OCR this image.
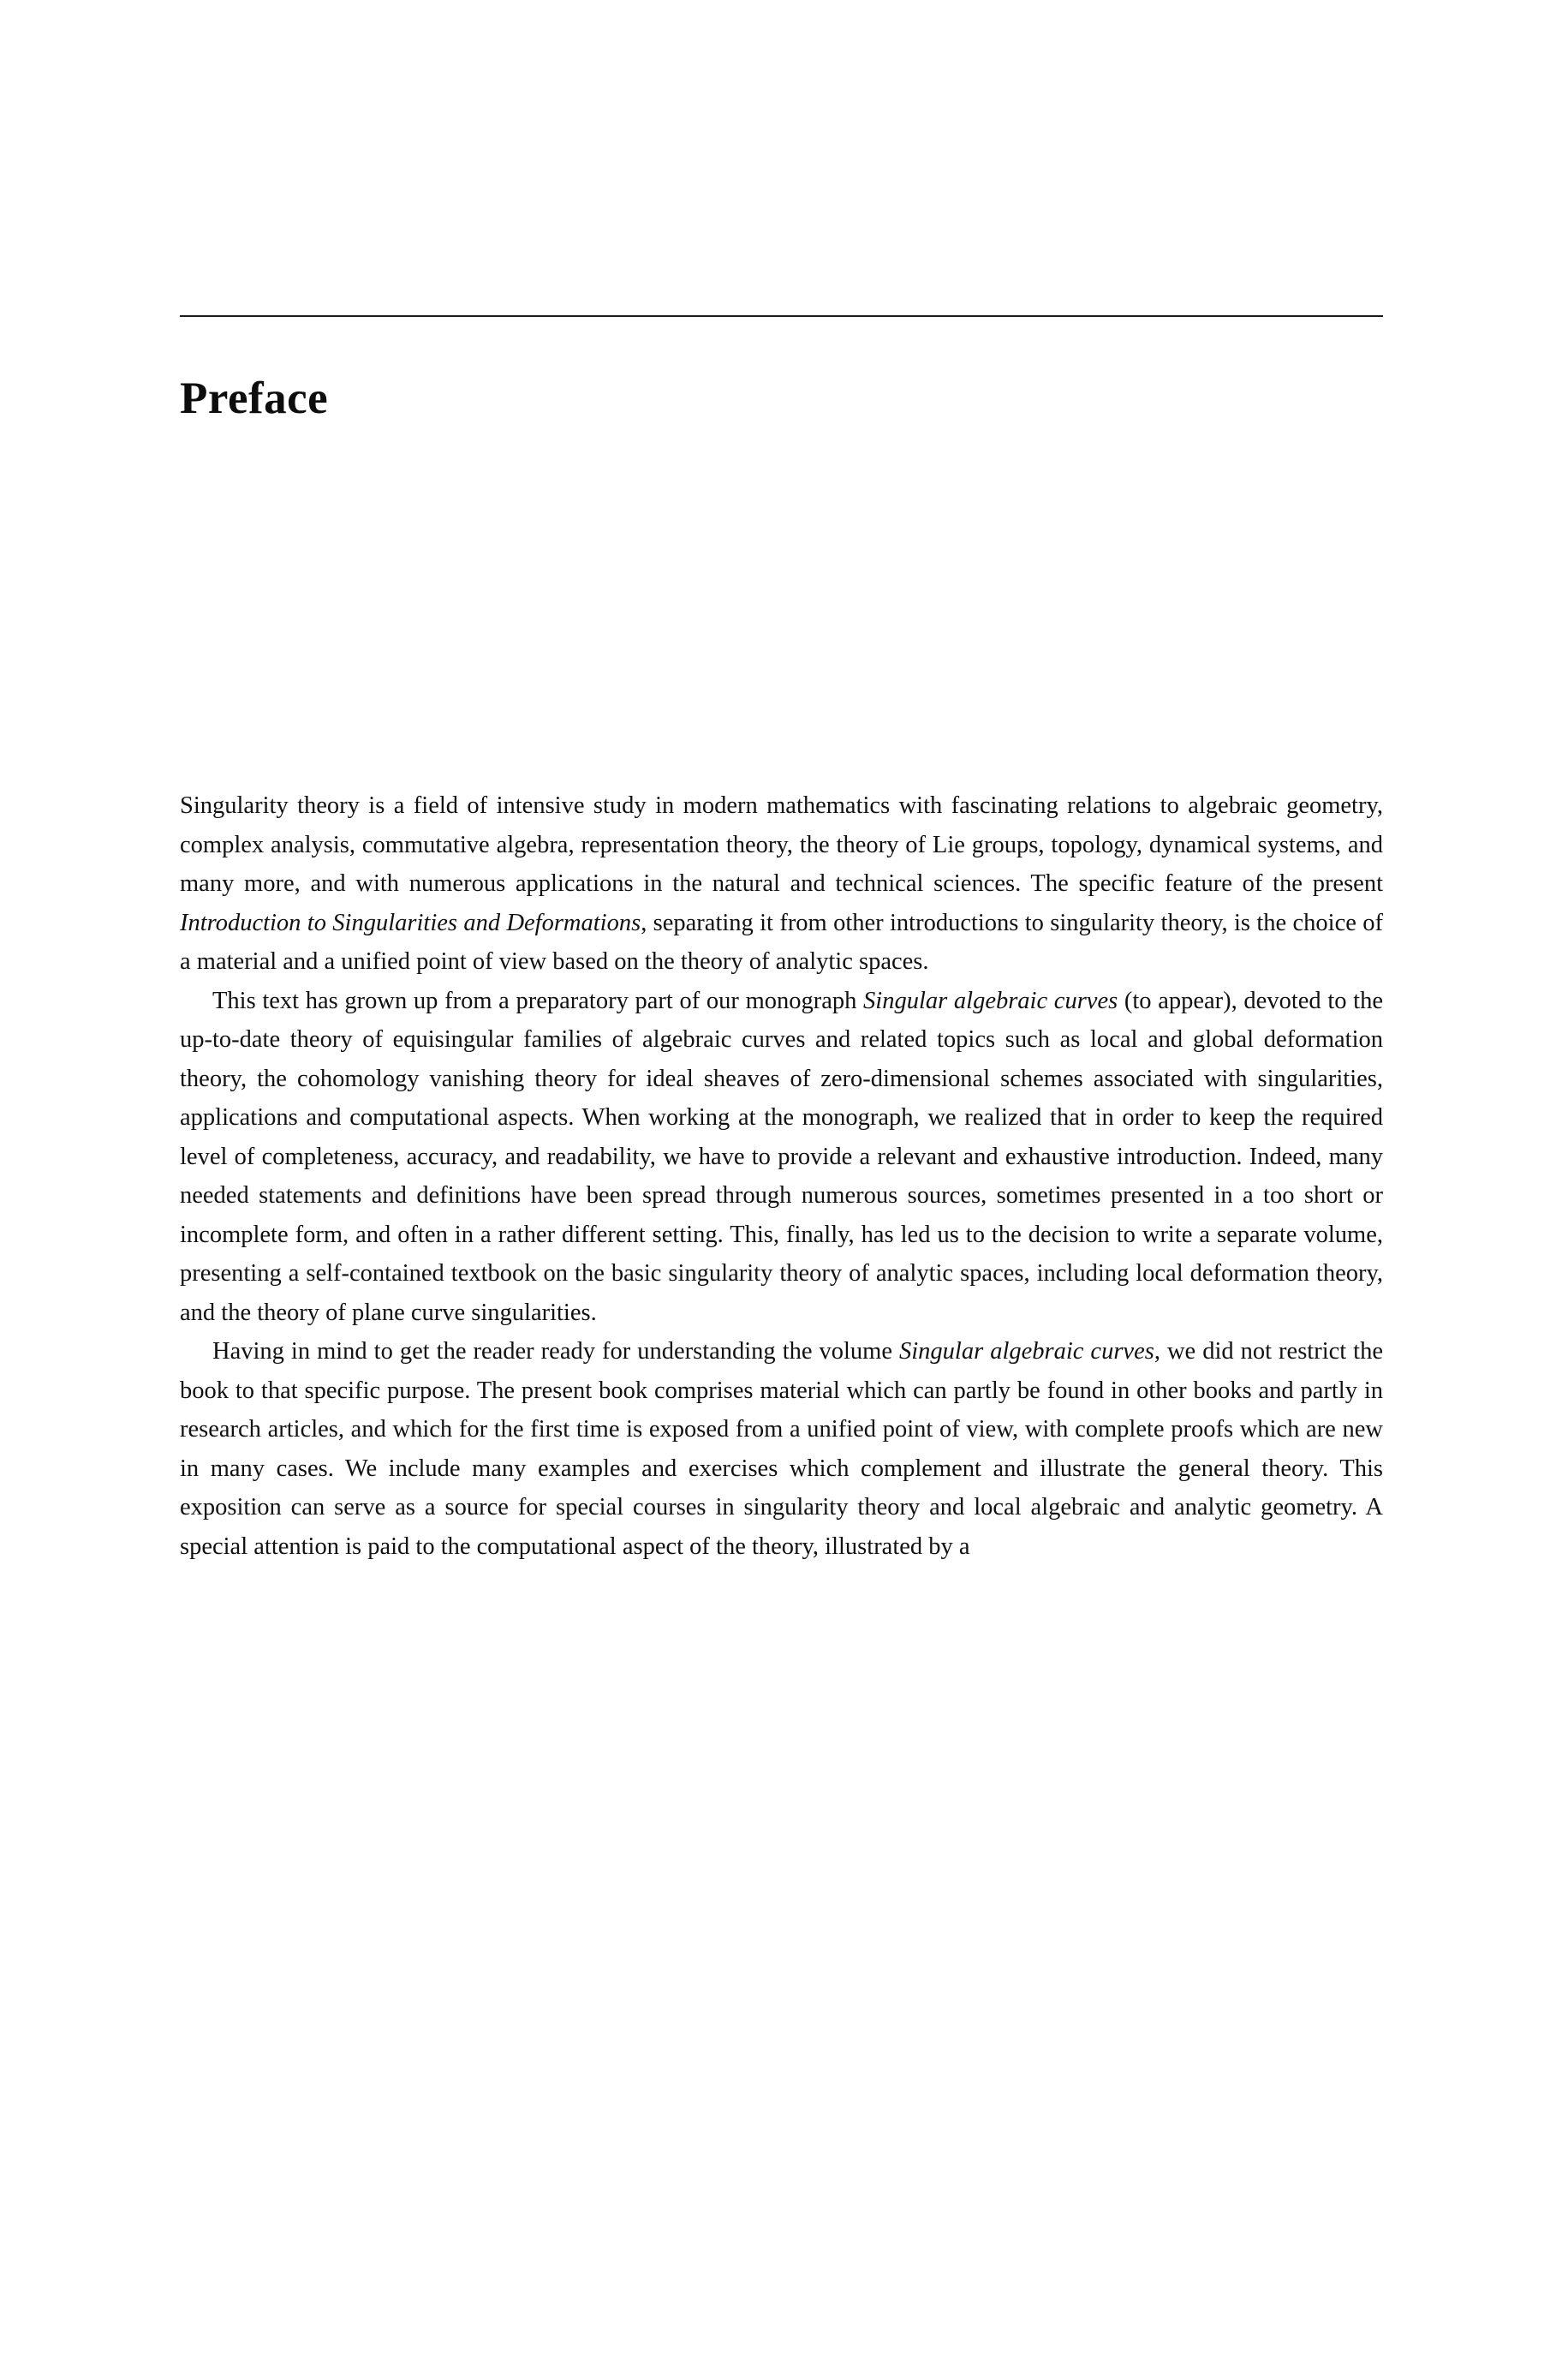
Preface

Singularity theory is a field of intensive study in modern mathematics with fascinating relations to algebraic geometry, complex analysis, commutative algebra, representation theory, the theory of Lie groups, topology, dynamical systems, and many more, and with numerous applications in the natural and technical sciences. The specific feature of the present Introduction to Singularities and Deformations, separating it from other introductions to singularity theory, is the choice of a material and a unified point of view based on the theory of analytic spaces.

This text has grown up from a preparatory part of our monograph Singular algebraic curves (to appear), devoted to the up-to-date theory of equisingular families of algebraic curves and related topics such as local and global deformation theory, the cohomology vanishing theory for ideal sheaves of zero-dimensional schemes associated with singularities, applications and computational aspects. When working at the monograph, we realized that in order to keep the required level of completeness, accuracy, and readability, we have to provide a relevant and exhaustive introduction. Indeed, many needed statements and definitions have been spread through numerous sources, sometimes presented in a too short or incomplete form, and often in a rather different setting. This, finally, has led us to the decision to write a separate volume, presenting a self-contained textbook on the basic singularity theory of analytic spaces, including local deformation theory, and the theory of plane curve singularities.

Having in mind to get the reader ready for understanding the volume Singular algebraic curves, we did not restrict the book to that specific purpose. The present book comprises material which can partly be found in other books and partly in research articles, and which for the first time is exposed from a unified point of view, with complete proofs which are new in many cases. We include many examples and exercises which complement and illustrate the general theory. This exposition can serve as a source for special courses in singularity theory and local algebraic and analytic geometry. A special attention is paid to the computational aspect of the theory, illustrated by a
